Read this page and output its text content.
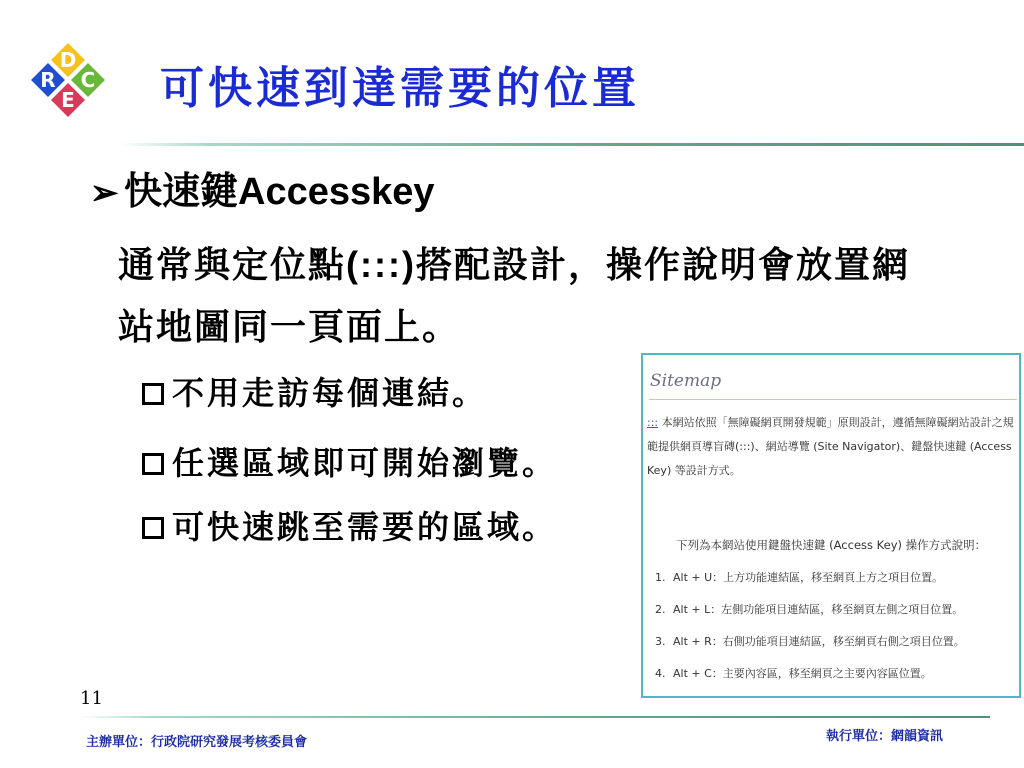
R
D
E
C 可快速到達需要的位置
➢ 快速鍵Accesskey
通常與定位點(:::)搭配設計，操作說明會放置網站地圖同一頁面上。
不用走訪每個連結。
任選區域即可開始瀏覽。
可快速跳至需要的區域。
Sitemap
::: 本網站依照「無障礙網頁開發規範」原則設計，遵循無障礙網站設計之規範提供網頁導盲磚(:::)、網站導覽 (Site Navigator)、鍵盤快速鍵 (Access Key) 等設計方式。
下列為本網站使用鍵盤快速鍵 (Access Key) 操作方式說明：
1. Alt + U：上方功能連結區，移至網頁上方之項目位置。
2. Alt + L：左側功能項目連結區，移至網頁左側之項目位置。
3. Alt + R：右側功能項目連結區，移至網頁右側之項目位置。
4. Alt + C：主要內容區，移至網頁之主要內容區位置。
11
主辦單位：行政院研究發展考核委員會	執行單位：網韻資訊
